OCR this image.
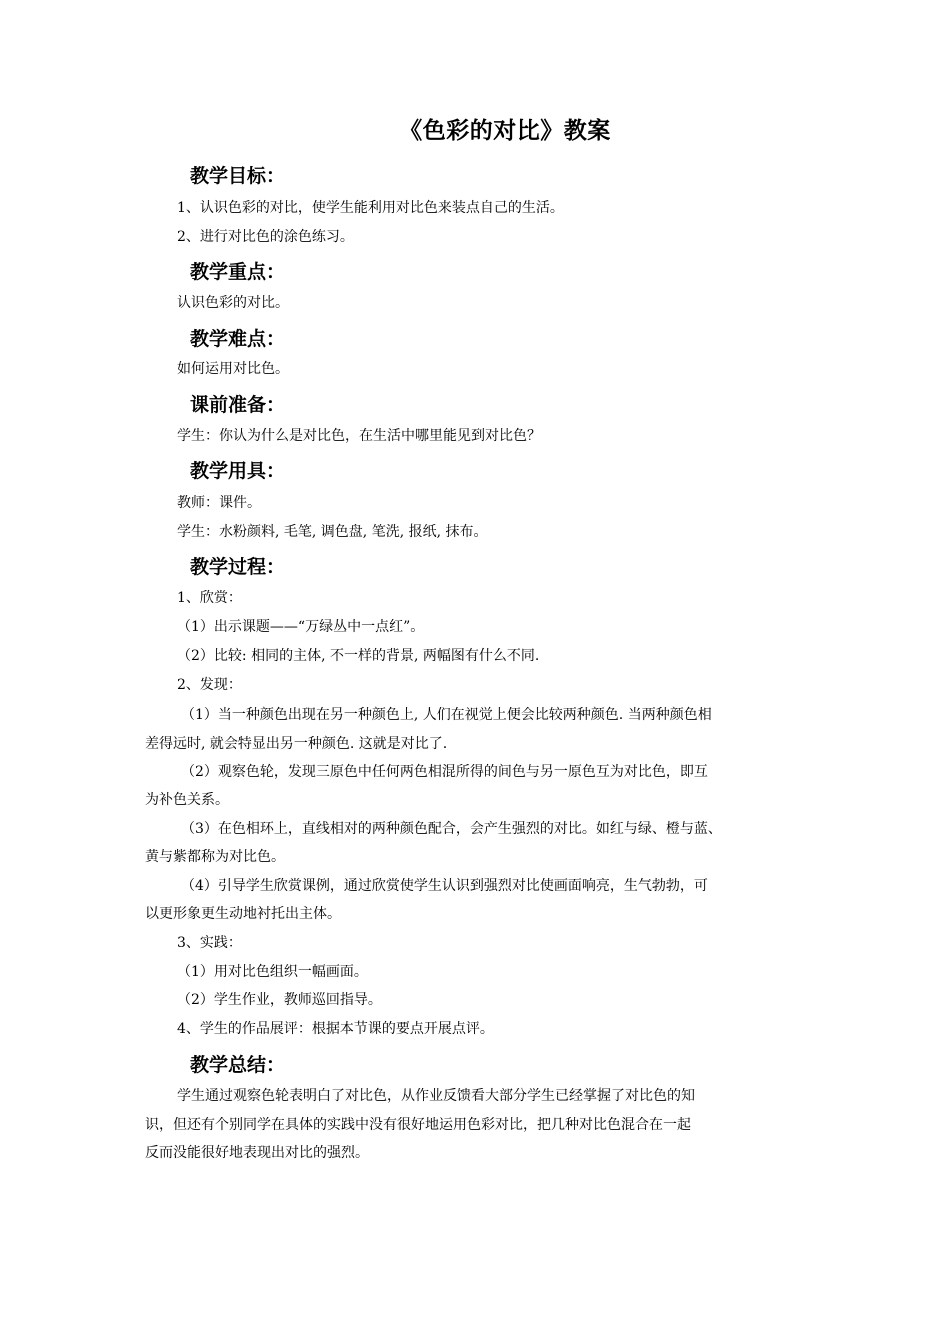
《色彩的对比》教案
教学目标：
1、认识色彩的对比，使学生能利用对比色来装点自己的生活。
2、进行对比色的涂色练习。
教学重点：
认识色彩的对比。
教学难点：
如何运用对比色。
课前准备：
学生：你认为什么是对比色，在生活中哪里能见到对比色？
教学用具：
教师：课件。
学生：水粉颜料, 毛笔, 调色盘, 笔洗, 报纸, 抹布。
教学过程：
1、欣赏：
（1）出示课题——“万绿丛中一点红”。
（2）比较: 相同的主体, 不一样的背景, 两幅图有什么不同.
2、发现：
（1）当一种颜色出现在另一种颜色上, 人们在视觉上便会比较两种颜色. 当两种颜色相
差得远时, 就会特显出另一种颜色. 这就是对比了.
（2）观察色轮，发现三原色中任何两色相混所得的间色与另一原色互为对比色，即互
为补色关系。
（3）在色相环上，直线相对的两种颜色配合，会产生强烈的对比。如红与绿、橙与蓝、
黄与紫都称为对比色。
（4）引导学生欣赏课例，通过欣赏使学生认识到强烈对比使画面响亮，生气勃勃，可
以更形象更生动地衬托出主体。
3、实践：
（1）用对比色组织一幅画面。
（2）学生作业，教师巡回指导。
4、学生的作品展评：根据本节课的要点开展点评。
教学总结：
学生通过观察色轮表明白了对比色，从作业反馈看大部分学生已经掌握了对比色的知
识，但还有个别同学在具体的实践中没有很好地运用色彩对比，把几种对比色混合在一起
反而没能很好地表现出对比的强烈。
